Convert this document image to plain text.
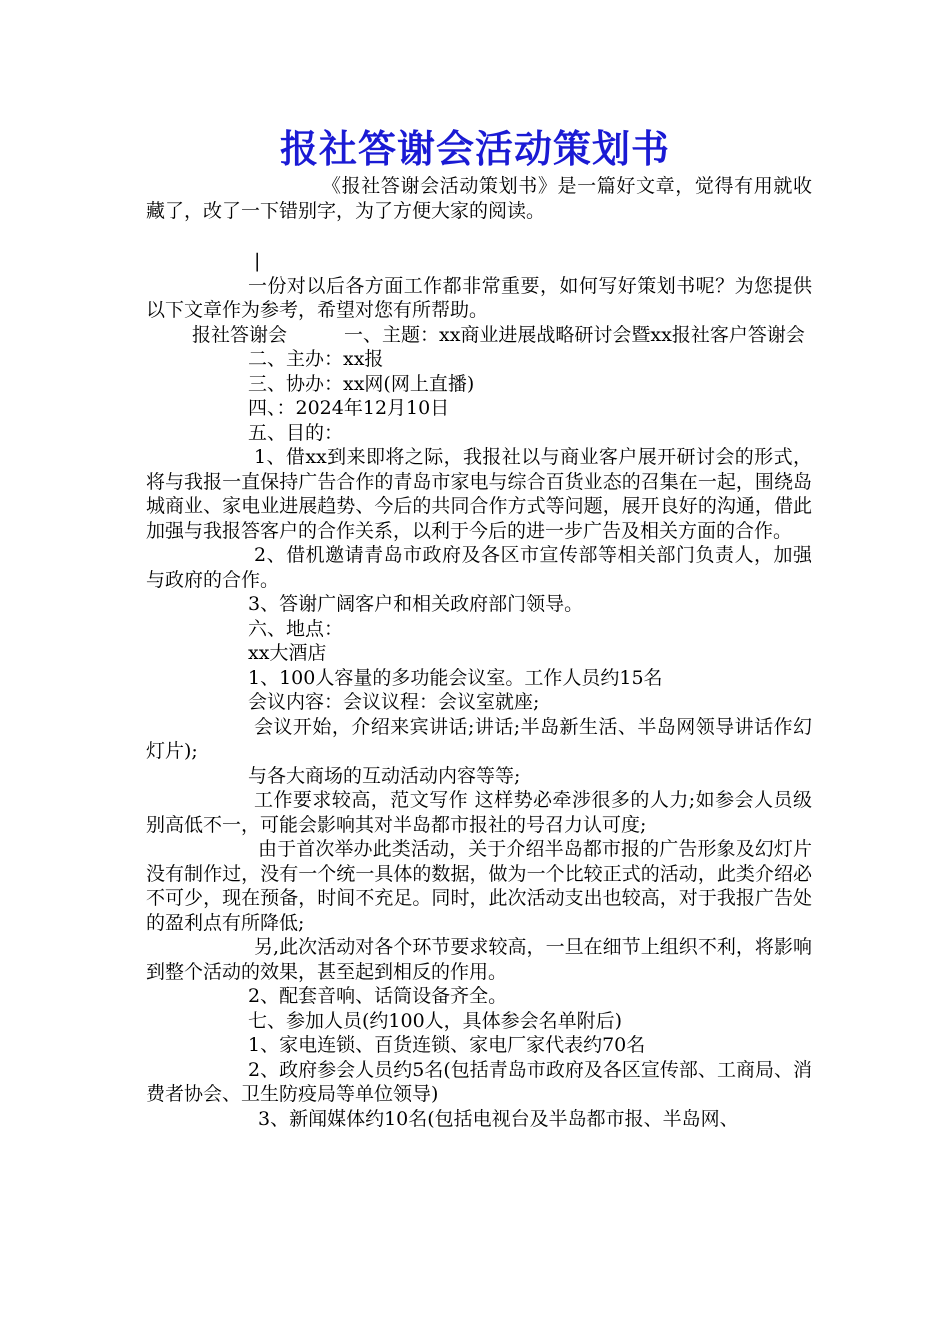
报社答谢会活动策划书

《报社答谢会活动策划书》是一篇好文章，觉得有用就收藏了，改了一下错别字，为了方便大家的阅读。

|

一份对以后各方面工作都非常重要，如何写好策划书呢？为您提供以下文章作为参考，希望对您有所帮助。

报社答谢会　　　一、主题：xx商业进展战略研讨会暨xx报社客户答谢会

二、主办：xx报

三、协办：xx网(网上直播)

四、：2024年12月10日

五、目的：

1、借xx到来即将之际，我报社以与商业客户展开研讨会的形式，将与我报一直保持广告合作的青岛市家电与综合百货业态的召集在一起，围绕岛城商业、家电业进展趋势、今后的共同合作方式等问题，展开良好的沟通，借此加强与我报答客户的合作关系，以利于今后的进一步广告及相关方面的合作。

2、借机邀请青岛市政府及各区市宣传部等相关部门负责人，加强与政府的合作。

3、答谢广阔客户和相关政府部门领导。

六、地点：

xx大酒店

1、100人容量的多功能会议室。工作人员约15名

会议内容：会议议程：会议室就座;

会议开始，介绍来宾讲话;讲话;半岛新生活、半岛网领导讲话作幻灯片);

与各大商场的互动活动内容等等;

工作要求较高，范文写作 这样势必牵涉很多的人力;如参会人员级别高低不一，可能会影响其对半岛都市报社的号召力认可度;

由于首次举办此类活动，关于介绍半岛都市报的广告形象及幻灯片没有制作过，没有一个统一具体的数据，做为一个比较正式的活动，此类介绍必不可少，现在预备，时间不充足。同时，此次活动支出也较高，对于我报广告处的盈利点有所降低;

另,此次活动对各个环节要求较高，一旦在细节上组织不利，将影响到整个活动的效果，甚至起到相反的作用。

2、配套音响、话筒设备齐全。

七、参加人员(约100人，具体参会名单附后)

1、家电连锁、百货连锁、家电厂家代表约70名

2、政府参会人员约5名(包括青岛市政府及各区宣传部、工商局、消费者协会、卫生防疫局等单位领导)

3、新闻媒体约10名(包括电视台及半岛都市报、半岛网、
